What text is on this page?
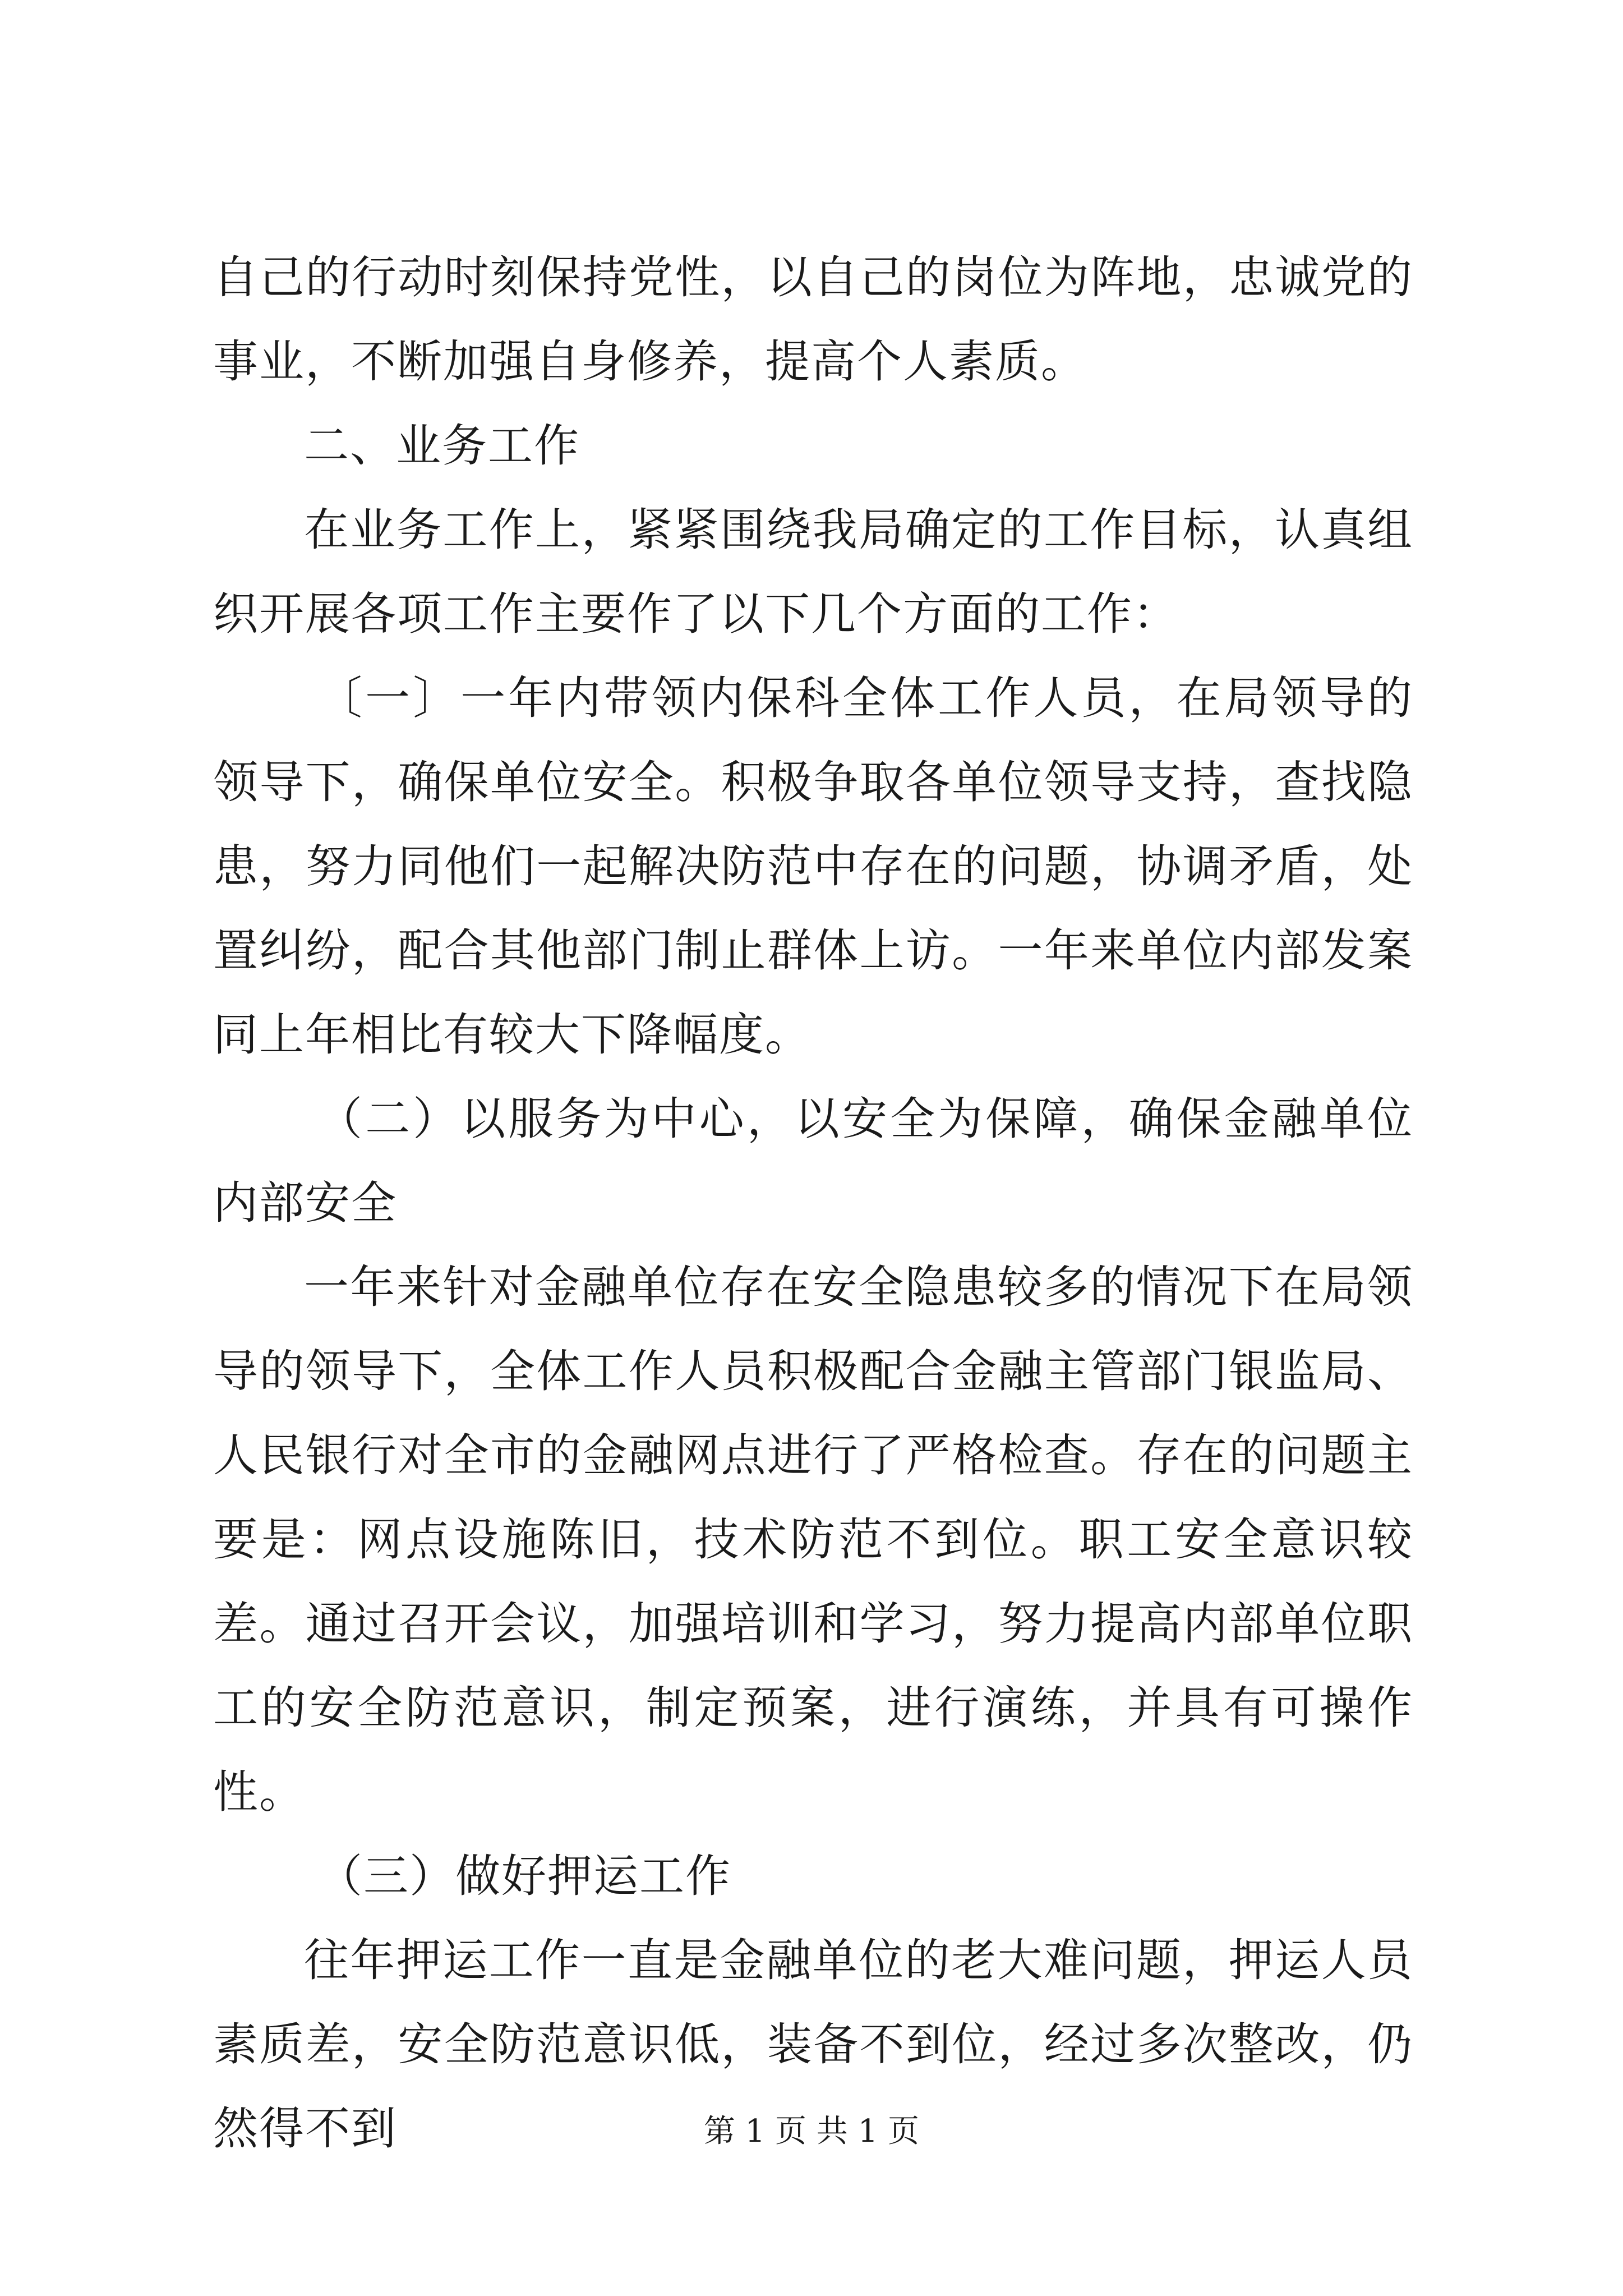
自己的行动时刻保持党性，以自己的岗位为阵地，忠诚党的事业，不断加强自身修养，提高个人素质。

二、业务工作

在业务工作上，紧紧围绕我局确定的工作目标，认真组织开展各项工作主要作了以下几个方面的工作：

〔一〕一年内带领内保科全体工作人员，在局领导的领导下，确保单位安全。积极争取各单位领导支持，查找隐患，努力同他们一起解决防范中存在的问题，协调矛盾，处置纠纷，配合其他部门制止群体上访。一年来单位内部发案同上年相比有较大下降幅度。

（二）以服务为中心，以安全为保障，确保金融单位内部安全

一年来针对金融单位存在安全隐患较多的情况下在局领导的领导下，全体工作人员积极配合金融主管部门银监局、人民银行对全市的金融网点进行了严格检查。存在的问题主要是：网点设施陈旧，技术防范不到位。职工安全意识较差。通过召开会议，加强培训和学习，努力提高内部单位职工的安全防范意识，制定预案，进行演练，并具有可操作性。

（三）做好押运工作

往年押运工作一直是金融单位的老大难问题，押运人员素质差，安全防范意识低，装备不到位，经过多次整改，仍然得不到	第 1 页 共 1 页
